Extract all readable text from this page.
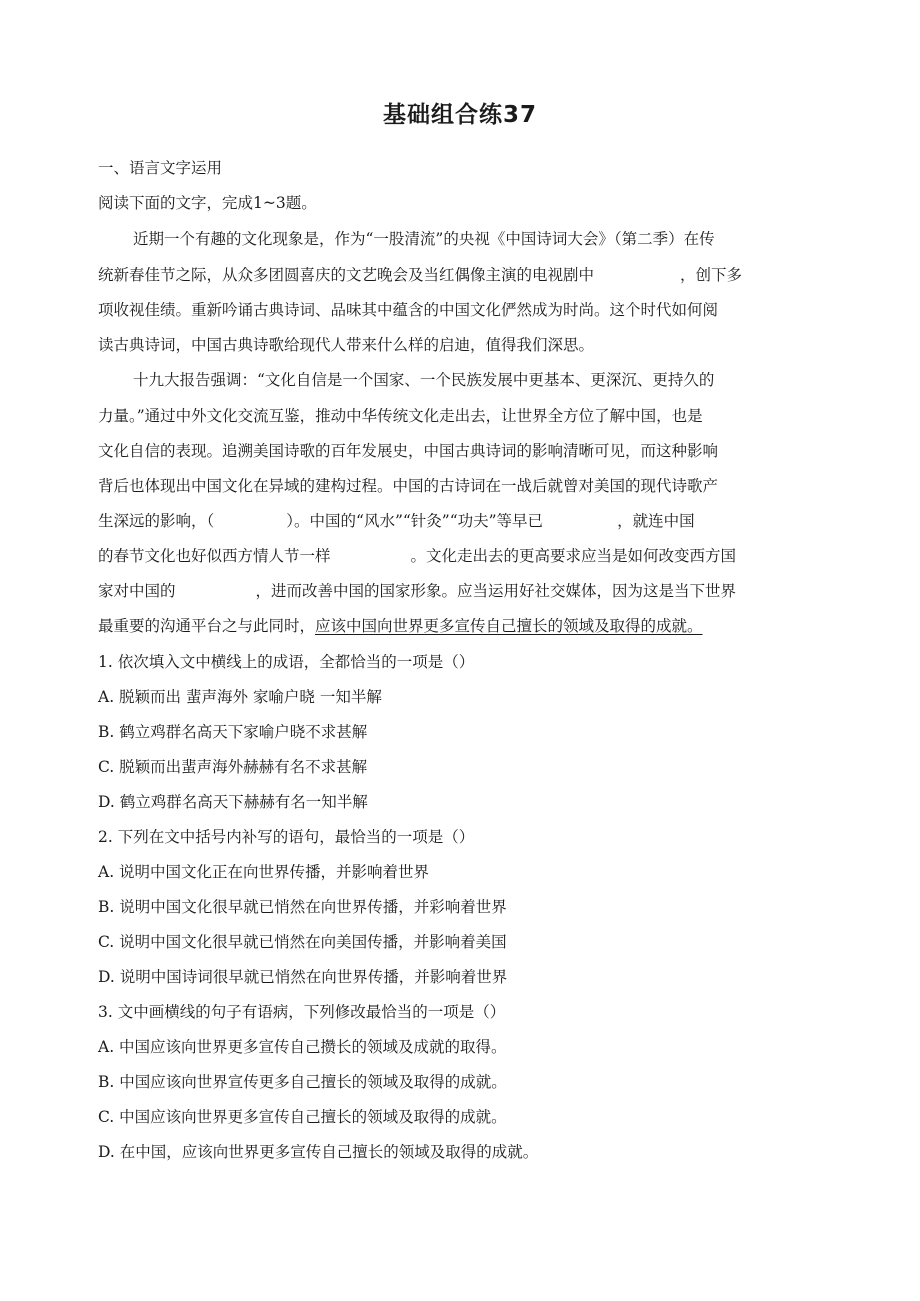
基础组合练37
一、语言文字运用
阅读下面的文字，完成1~3题。
近期一个有趣的文化现象是，作为“一股清流”的央视《中国诗词大会》（第二季）在传
统新春佳节之际，从众多团圆喜庆的文艺晚会及当红偶像主演的电视剧中	，创下多
项收视佳绩。重新吟诵古典诗词、品味其中蕴含的中国文化俨然成为时尚。这个时代如何阅
读古典诗词，中国古典诗歌给现代人带来什么样的启迪，值得我们深思。
十九大报告强调：“文化自信是一个国家、一个民族发展中更基本、更深沉、更持久的
力量。”通过中外文化交流互鉴，推动中华传统文化走出去，让世界全方位了解中国，也是
文化自信的表现。追溯美国诗歌的百年发展史，中国古典诗词的影响清晰可见，而这种影响
背后也体现出中国文化在异域的建构过程。中国的古诗词在一战后就曾对美国的现代诗歌产
生深远的影响，（	）。中国的“风水”“针灸”“功夫”等早已	，就连中国
的春节文化也好似西方情人节一样	。文化走出去的更高要求应当是如何改变西方国
家对中国的	，进而改善中国的国家形象。应当运用好社交媒体，因为这是当下世界
最重要的沟通平台之与此同时，应该中国向世界更多宣传自己擅长的领域及取得的成就。
1. 依次填入文中横线上的成语，全都恰当的一项是（）
A. 脱颖而出 蜚声海外 家喻户晓 一知半解
B. 鹤立鸡群名高天下家喻户晓不求甚解
C. 脱颖而出蜚声海外赫赫有名不求甚解
D. 鹤立鸡群名高天下赫赫有名一知半解
2. 下列在文中括号内补写的语句，最恰当的一项是（）
A. 说明中国文化正在向世界传播，并影响着世界
B. 说明中国文化很早就已悄然在向世界传播，并彩响着世界
C. 说明中国文化很早就已悄然在向美国传播，并影响着美国
D. 说明中国诗词很早就已悄然在向世界传播，并影响着世界
3. 文中画横线的句子有语病，下列修改最恰当的一项是（）
A. 中国应该向世界更多宣传自己攒长的领域及成就的取得。
B. 中国应该向世界宣传更多自己擅长的领域及取得的成就。
C. 中国应该向世界更多宣传自己擅长的领域及取得的成就。
D. 在中国，应该向世界更多宣传自己擅长的领域及取得的成就。
